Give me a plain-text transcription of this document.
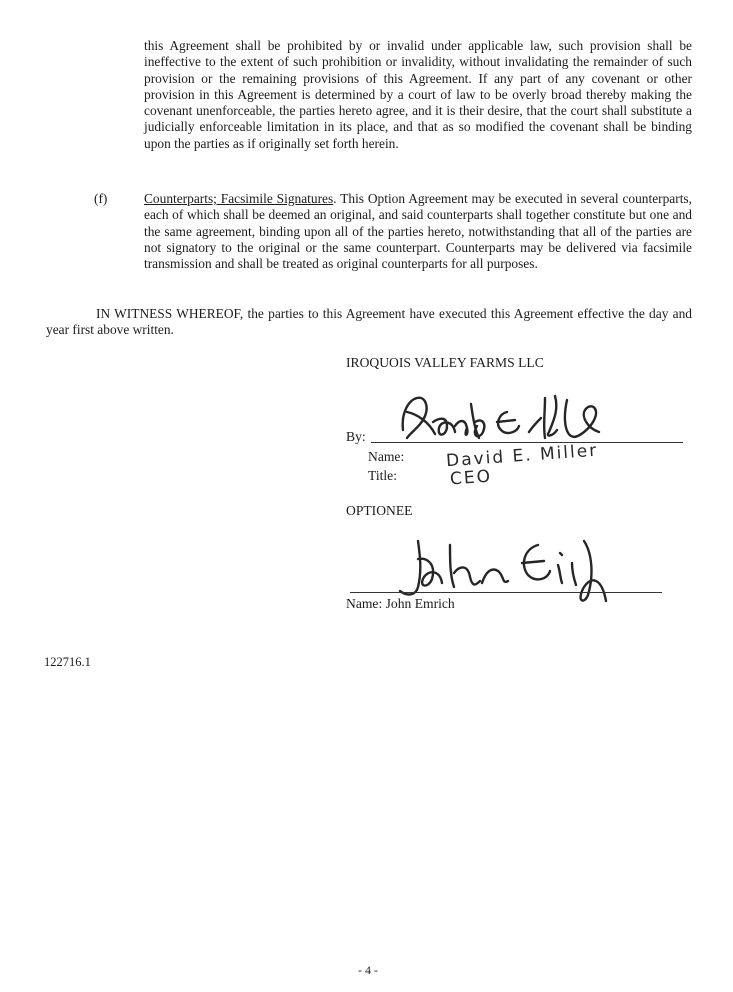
this Agreement shall be prohibited by or invalid under applicable law, such provision shall be ineffective to the extent of such prohibition or invalidity, without invalidating the remainder of such provision or the remaining provisions of this Agreement. If any part of any covenant or other provision in this Agreement is determined by a court of law to be overly broad thereby making the covenant unenforceable, the parties hereto agree, and it is their desire, that the court shall substitute a judicially enforceable limitation in its place, and that as so modified the covenant shall be binding upon the parties as if originally set forth herein.
(f)	Counterparts; Facsimile Signatures. This Option Agreement may be executed in several counterparts, each of which shall be deemed an original, and said counterparts shall together constitute but one and the same agreement, binding upon all of the parties hereto, notwithstanding that all of the parties are not signatory to the original or the same counterpart. Counterparts may be delivered via facsimile transmission and shall be treated as original counterparts for all purposes.
IN WITNESS WHEREOF, the parties to this Agreement have executed this Agreement effective the day and year first above written.
IROQUOIS VALLEY FARMS LLC
By:
Name: David E. Miller
Title:	CEO
OPTIONEE
Name: John Emrich
122716.1
- 4 -
